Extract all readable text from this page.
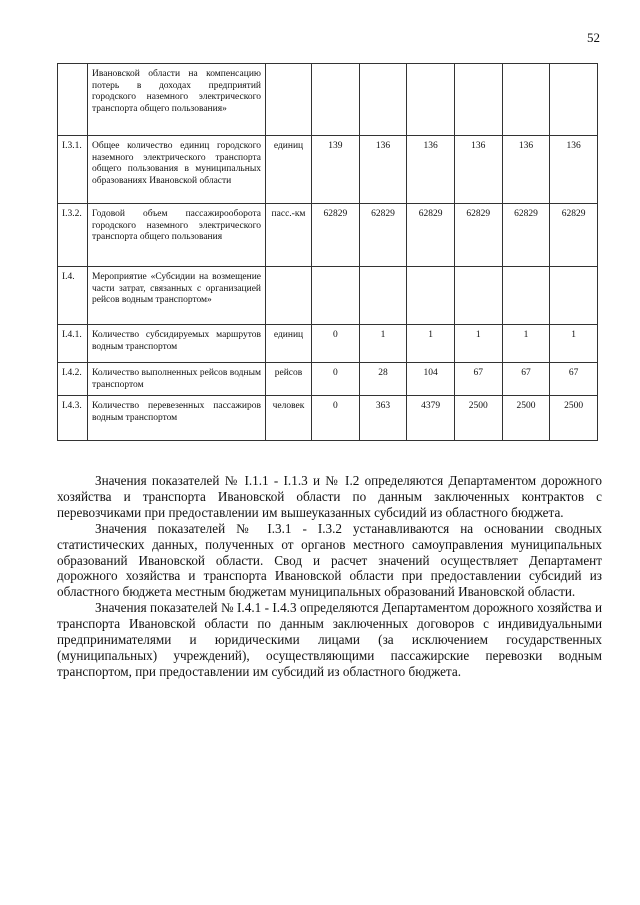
52
	Ивановской области на компенсацию потерь в доходах предприятий городского наземного электрического транспорта общего пользования»							
I.3.1.	Общее количество единиц городского наземного электрического транспорта общего пользования в муниципальных образованиях Ивановской области	единиц	139	136	136	136	136	136
I.3.2.	Годовой объем пассажирооборота городского наземного электрического транспорта общего пользования	пасс.-км	62829	62829	62829	62829	62829	62829
I.4.	Мероприятие «Субсидии на возмещение части затрат, связанных с организацией рейсов водным транспортом»							
I.4.1.	Количество субсидируемых маршрутов водным транспортом	единиц	0	1	1	1	1	1
I.4.2.	Количество выполненных рейсов водным транспортом	рейсов	0	28	104	67	67	67
I.4.3.	Количество перевезенных пассажиров водным транспортом	человек	0	363	4379	2500	2500	2500

Значения показателей № I.1.1 - I.1.3 и № I.2 определяются Департаментом дорожного хозяйства и транспорта Ивановской области по данным заключенных контрактов с перевозчиками при предоставлении им вышеуказанных субсидий из областного бюджета.

Значения показателей № I.3.1 - I.3.2 устанавливаются на основании сводных статистических данных, полученных от органов местного самоуправления муниципальных образований Ивановской области. Свод и расчет значений осуществляет Департамент дорожного хозяйства и транспорта Ивановской области при предоставлении субсидий из областного бюджета местным бюджетам муниципальных образований Ивановской области.

Значения показателей № I.4.1 - I.4.3 определяются Департаментом дорожного хозяйства и транспорта Ивановской области по данным заключенных договоров с индивидуальными предпринимателями и юридическими лицами (за исключением государственных (муниципальных) учреждений), осуществляющими пассажирские перевозки водным транспортом, при предоставлении им субсидий из областного бюджета.
